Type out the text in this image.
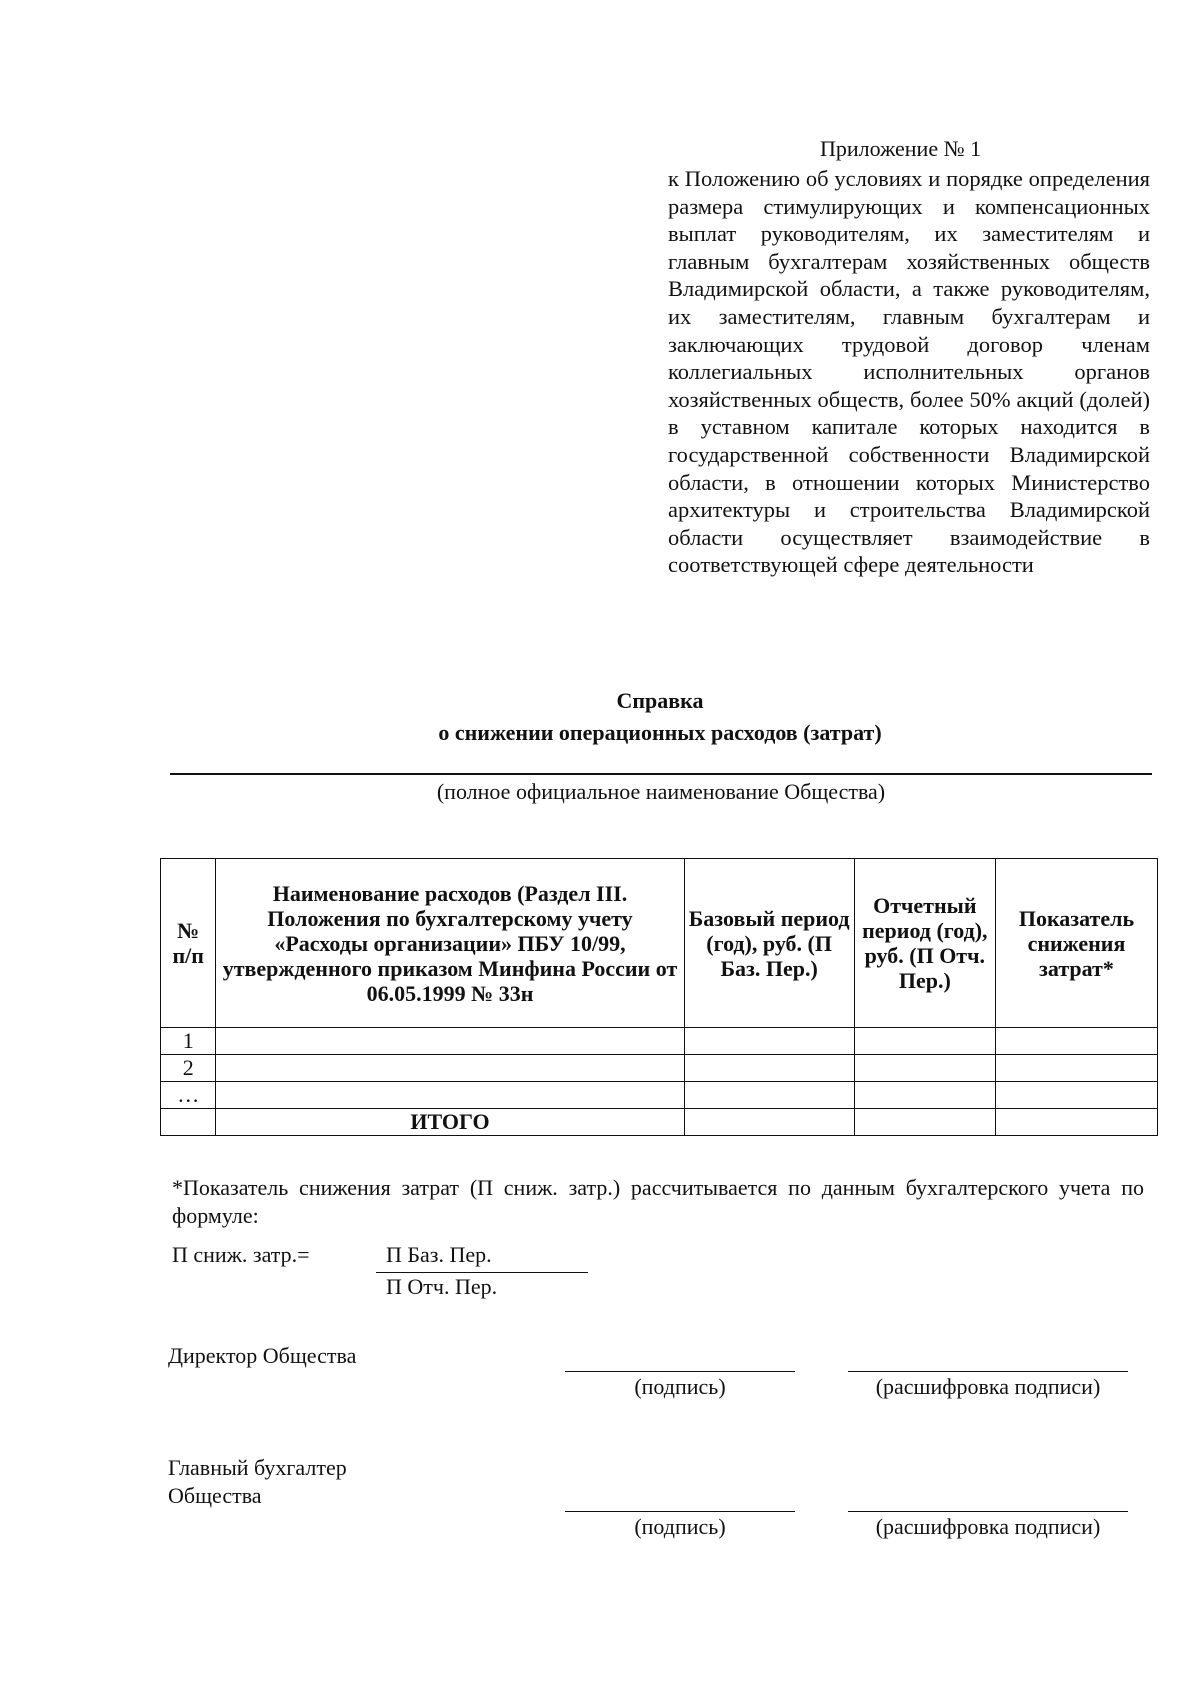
Приложение № 1
к Положению об условиях и порядке определения размера стимулирующих и компенсационных выплат руководителям, их заместителям и главным бухгалтерам хозяйственных обществ Владимирской области, а также руководителям, их заместителям, главным бухгалтерам и заключающих трудовой договор членам коллегиальных исполнительных органов хозяйственных обществ, более 50% акций (долей) в уставном капитале которых находится в государственной собственности Владимирской области, в отношении которых Министерство архитектуры и строительства Владимирской области осуществляет взаимодействие в соответствующей сфере деятельности
Справка
о снижении операционных расходов (затрат)
(полное официальное наименование Общества)
№ п/п	Наименование расходов (Раздел III. Положения по бухгалтерскому учету «Расходы организации» ПБУ 10/99, утвержденного приказом Минфина России от 06.05.1999 № 33н	Базовый период (год), руб. (П Баз. Пер.)	Отчетный период (год), руб. (П Отч. Пер.)	Показатель снижения затрат*
1				
2				
…				
	ИТОГО			
*Показатель снижения затрат (П сниж. затр.) рассчитывается по данным бухгалтерского учета по формуле:
П сниж. затр.=	П Баз. Пер.
П Отч. Пер.
Директор Общества
(подпись)	(расшифровка подписи)
Главный бухгалтер Общества
(подпись)	(расшифровка подписи)
